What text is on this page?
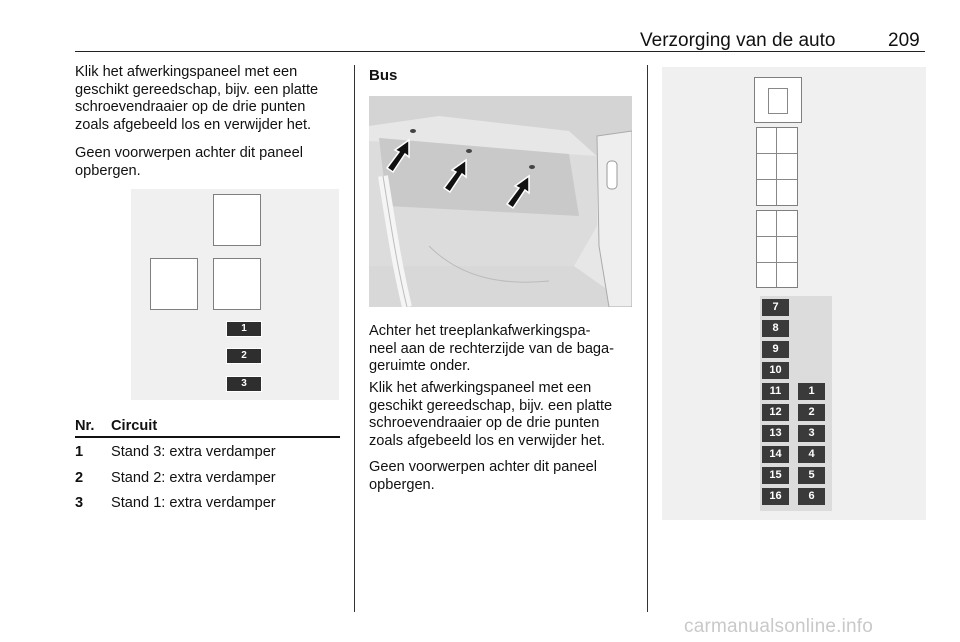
Verzorging van de auto	209
Klik het afwerkingspaneel met een
geschikt gereedschap, bijv. een platte
schroevendraaier op de drie punten
zoals afgebeeld los en verwijder het.
Geen voorwerpen achter dit paneel
opbergen.
1
2
3
Nr. Circuit
1 Stand 3: extra verdamper
2 Stand 2: extra verdamper
3 Stand 1: extra verdamper
Bus
Achter het treeplankafwerkingspa-
neel aan de rechterzijde van de baga-
geruimte onder.
Klik het afwerkingspaneel met een
geschikt gereedschap, bijv. een platte
schroevendraaier op de drie punten
zoals afgebeeld los en verwijder het.
Geen voorwerpen achter dit paneel
opbergen.
7
8
9
10
11
12
13
14
15
16
1
2
3
4
5
6
carmanualsonline.info
